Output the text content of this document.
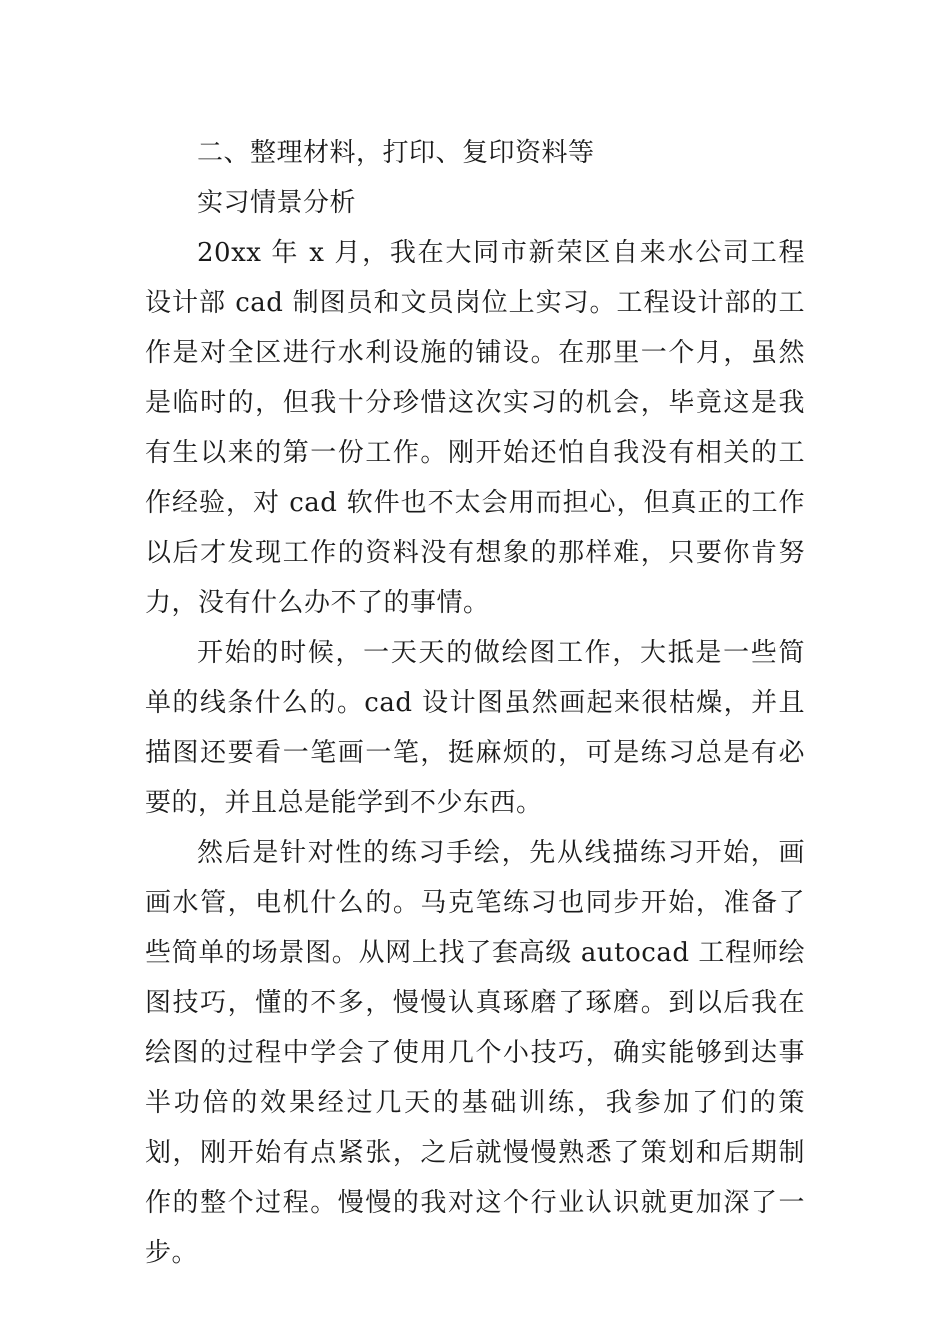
二、整理材料，打印、复印资料等

实习情景分析

20xx 年 x 月，我在大同市新荣区自来水公司工程设计部 cad 制图员和文员岗位上实习。工程设计部的工作是对全区进行水利设施的铺设。在那里一个月，虽然是临时的，但我十分珍惜这次实习的机会，毕竟这是我有生以来的第一份工作。刚开始还怕自我没有相关的工作经验，对 cad 软件也不太会用而担心，但真正的工作以后才发现工作的资料没有想象的那样难，只要你肯努力，没有什么办不了的事情。

开始的时候，一天天的做绘图工作，大抵是一些简单的线条什么的。cad 设计图虽然画起来很枯燥，并且描图还要看一笔画一笔，挺麻烦的，可是练习总是有必要的，并且总是能学到不少东西。

然后是针对性的练习手绘，先从线描练习开始，画画水管，电机什么的。马克笔练习也同步开始，准备了些简单的场景图。从网上找了套高级 autocad 工程师绘图技巧，懂的不多，慢慢认真琢磨了琢磨。到以后我在绘图的过程中学会了使用几个小技巧，确实能够到达事半功倍的效果经过几天的基础训练，我参加了们的策划，刚开始有点紧张，之后就慢慢熟悉了策划和后期制作的整个过程。慢慢的我对这个行业认识就更加深了一步。
